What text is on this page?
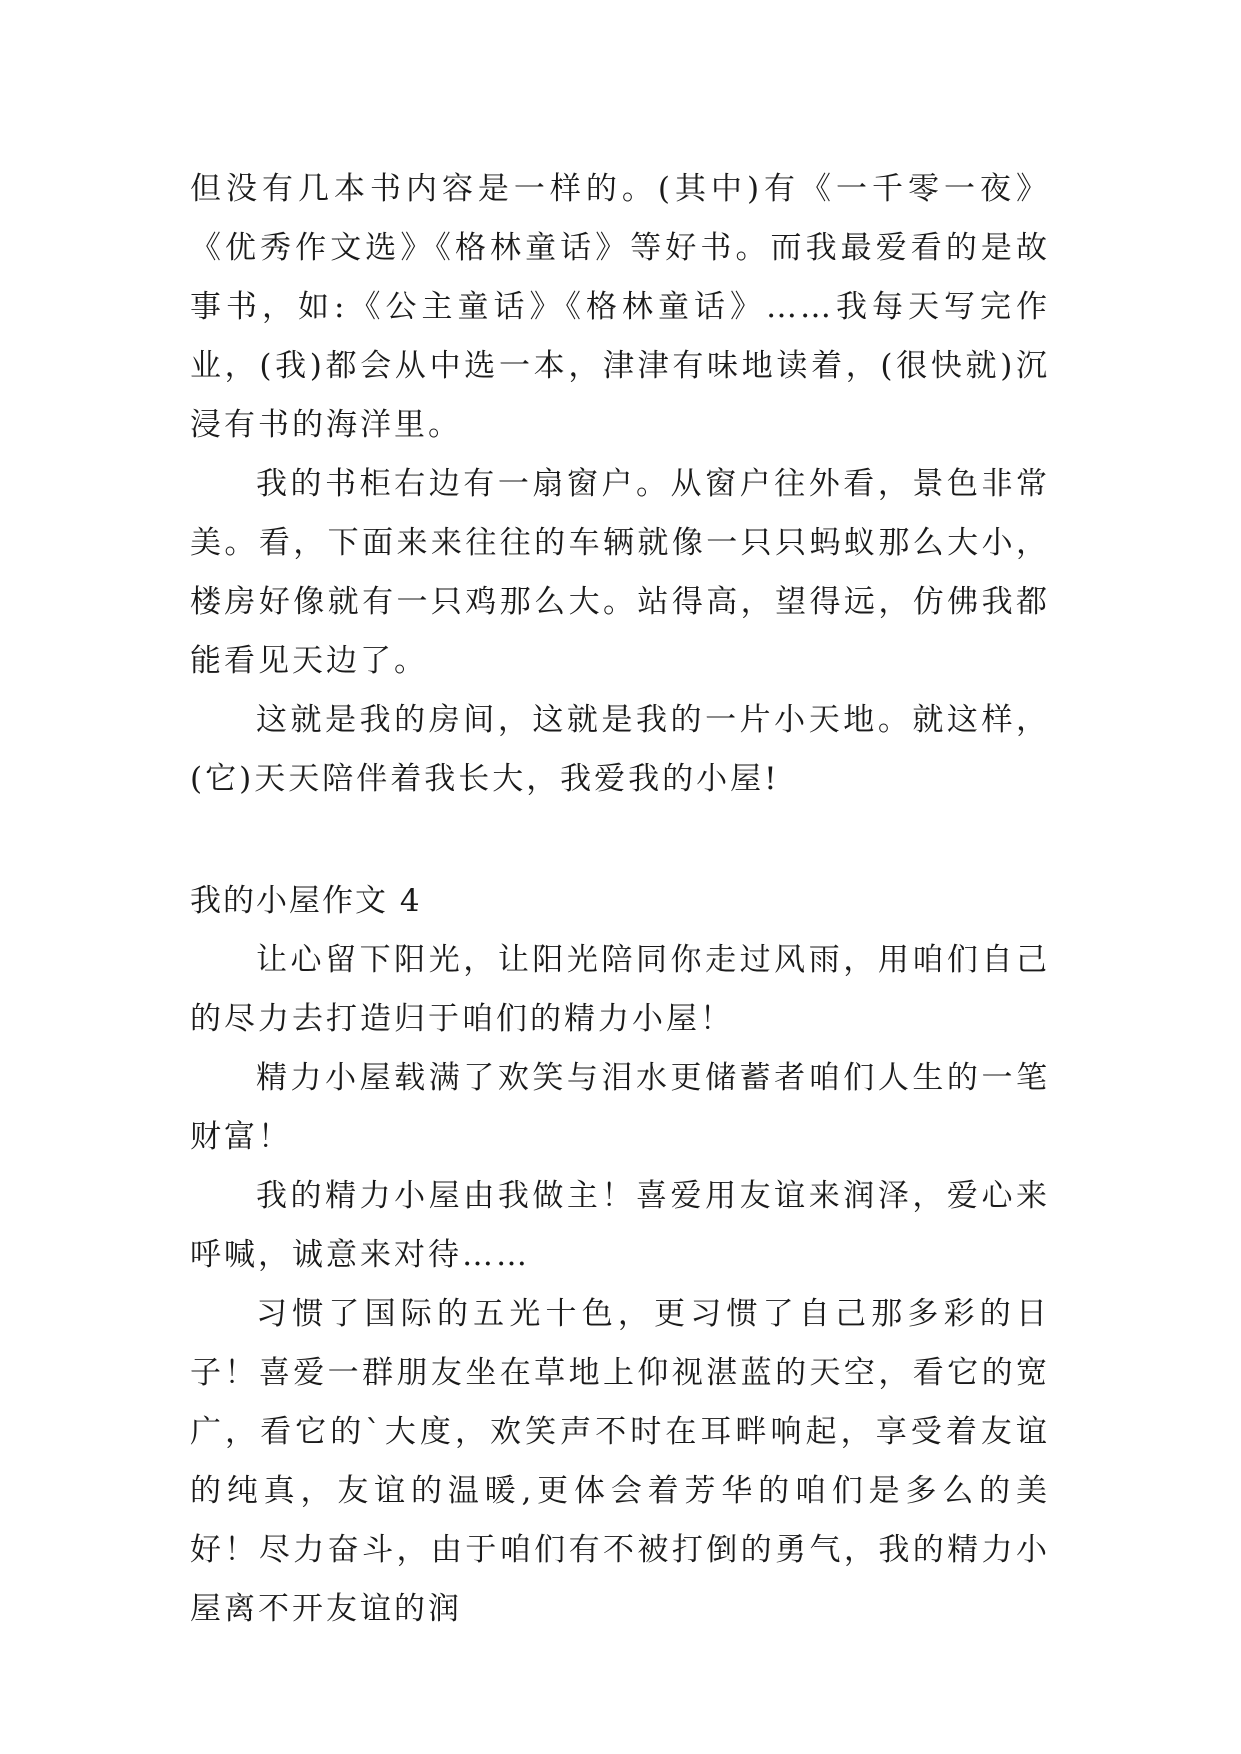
但没有几本书内容是一样的。(其中)有《一千零一夜》《优秀作文选》《格林童话》等好书。而我最爱看的是故事书，如:《公主童话》《格林童话》……我每天写完作业，(我)都会从中选一本，津津有味地读着，(很快就)沉浸有书的海洋里。

我的书柜右边有一扇窗户。从窗户往外看，景色非常美。看，下面来来往往的车辆就像一只只蚂蚁那么大小，楼房好像就有一只鸡那么大。站得高，望得远，仿佛我都能看见天边了。

这就是我的房间，这就是我的一片小天地。就这样，(它)天天陪伴着我长大，我爱我的小屋!

我的小屋作文 4

让心留下阳光，让阳光陪同你走过风雨，用咱们自己的尽力去打造归于咱们的精力小屋！

精力小屋载满了欢笑与泪水更储蓄者咱们人生的一笔财富！

我的精力小屋由我做主！喜爱用友谊来润泽，爱心来呼喊，诚意来对待……

习惯了国际的五光十色，更习惯了自己那多彩的日子！喜爱一群朋友坐在草地上仰视湛蓝的天空，看它的宽广，看它的`大度，欢笑声不时在耳畔响起，享受着友谊的纯真，友谊的温暖,更体会着芳华的咱们是多么的美好！尽力奋斗，由于咱们有不被打倒的勇气，我的精力小屋离不开友谊的润
